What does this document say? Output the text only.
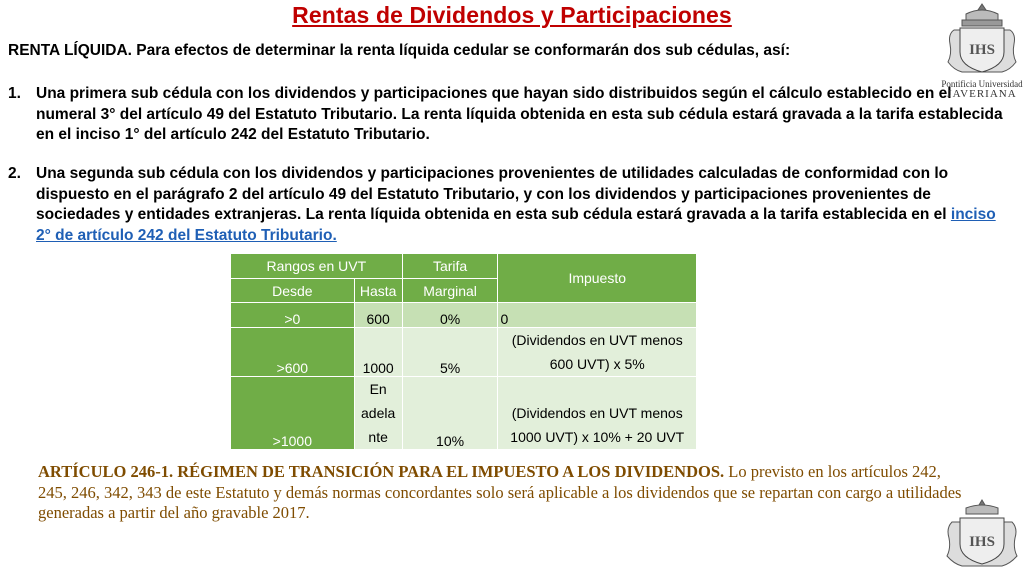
Rentas de Dividendos y Participaciones
RENTA LÍQUIDA. Para efectos de determinar la renta líquida cedular se conformarán dos sub cédulas, así:
1. Una primera sub cédula con los dividendos y participaciones que hayan sido distribuidos según el cálculo establecido en el numeral 3° del artículo 49 del Estatuto Tributario. La renta líquida obtenida en esta sub cédula estará gravada a la tarifa establecida en el inciso 1° del artículo 242 del Estatuto Tributario.
2. Una segunda sub cédula con los dividendos y participaciones provenientes de utilidades calculadas de conformidad con lo dispuesto en el parágrafo 2 del artículo 49 del Estatuto Tributario, y con los dividendos y participaciones provenientes de sociedades y entidades extranjeras. La renta líquida obtenida en esta sub cédula estará gravada a la tarifa establecida en el inciso 2° de artículo 242 del Estatuto Tributario.
Rangos en UVT		Tarifa	Impuesto
Desde	Hasta	Marginal	
>0	600	0%	0
>600	1000	5%	(Dividendos en UVT menos
600 UVT) x 5%
>1000	En
adela
nte	10%	(Dividendos en UVT menos
1000 UVT) x 10% + 20 UVT
ARTÍCULO 246-1. RÉGIMEN DE TRANSICIÓN PARA EL IMPUESTO A LOS DIVIDENDOS. Lo previsto en los artículos 242, 245, 246, 342, 343 de este Estatuto y demás normas concordantes solo será aplicable a los dividendos que se repartan con cargo a utilidades generadas a partir del año gravable 2017.
IHS
Pontificia Universidad
JAVERIANA
IHS
